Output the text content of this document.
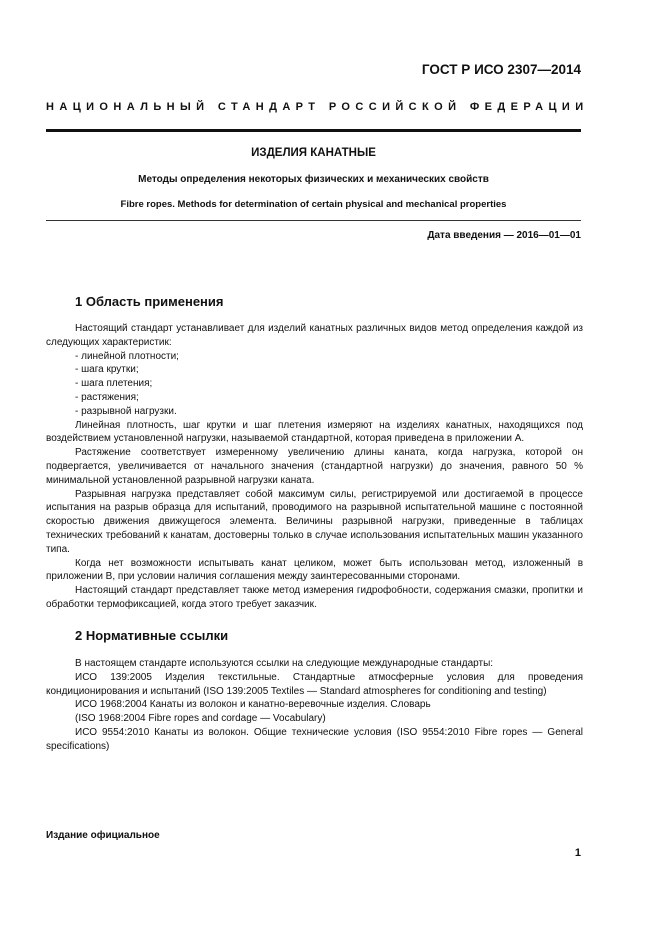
ГОСТ Р ИСО 2307—2014
НАЦИОНАЛЬНЫЙ СТАНДАРТ РОССИЙСКОЙ ФЕДЕРАЦИИ
ИЗДЕЛИЯ КАНАТНЫЕ
Методы определения некоторых физических и механических свойств
Fibre ropes. Methods for determination of certain physical and mechanical properties
Дата введения — 2016—01—01
1 Область применения

Настоящий стандарт устанавливает для изделий канатных различных видов метод определения каждой из следующих характеристик:

- линейной плотности;

- шага крутки;

- шага плетения;

- растяжения;

- разрывной нагрузки.

Линейная плотность, шаг крутки и шаг плетения измеряют на изделиях канатных, находящихся под воздействием установленной нагрузки, называемой стандартной, которая приведена в приложении А.

Растяжение соответствует измеренному увеличению длины каната, когда нагрузка, которой он подвергается, увеличивается от начального значения (стандартной нагрузки) до значения, равного 50 % минимальной установленной разрывной нагрузки каната.

Разрывная нагрузка представляет собой максимум силы, регистрируемой или достигаемой в процессе испытания на разрыв образца для испытаний, проводимого на разрывной испытательной машине с постоянной скоростью движения движущегося элемента. Величины разрывной нагрузки, приведенные в таблицах технических требований к канатам, достоверны только в случае использования испытательных машин указанного типа.

Когда нет возможности испытывать канат целиком, может быть использован метод, изложенный в приложении В, при условии наличия соглашения между заинтересованными сторонами.

Настоящий стандарт представляет также метод измерения гидрофобности, содержания смазки, пропитки и обработки термофиксацией, когда этого требует заказчик.

2 Нормативные ссылки

В настоящем стандарте используются ссылки на следующие международные стандарты:

ИСО 139:2005 Изделия текстильные. Стандартные атмосферные условия для проведения кондиционирования и испытаний (ISO 139:2005 Textiles — Standard atmospheres for conditioning and testing)

ИСО 1968:2004 Канаты из волокон и канатно-веревочные изделия. Словарь

(ISO 1968:2004 Fibre ropes and cordage — Vocabulary)

ИСО 9554:2010 Канаты из волокон. Общие технические условия (ISO 9554:2010 Fibre ropes — General specifications)

Издание официальное
1
